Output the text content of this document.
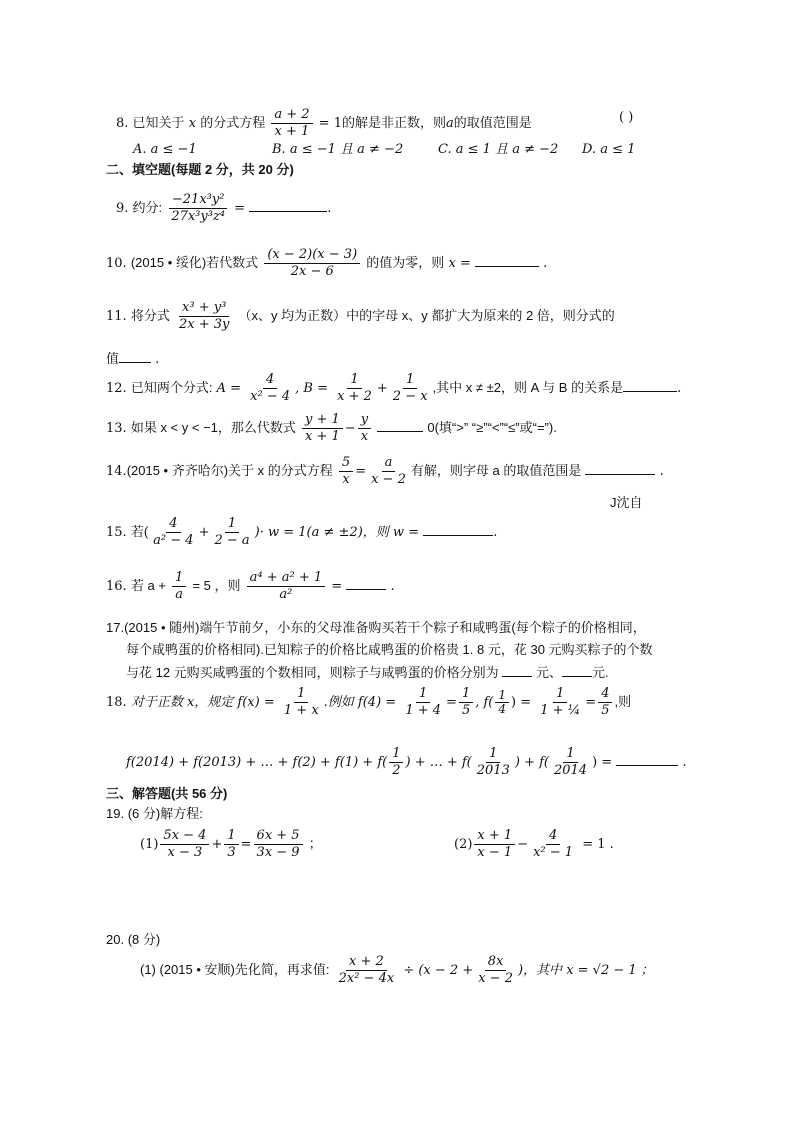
8. 已知关于 x 的分式方程 $\frac{a + 2}{x + 1} = 1$的解是非正数，则a的取值范围是	( )
A. a ≤ −1	B. a ≤ −1 且 a ≠ −2	C. a ≤ 1 且 a ≠ −2 D. a ≤ 1
二、填空题(每题 2 分，共 20 分)
9. 约分: $\frac{\text{−21x³y²}}{\text{27x³y³z⁴}}$ =	.
10. (2015 • 绥化)若代数式 $\frac{(x - 2)(x - 3)}{2x - 6}$ 的值为零，则 x =	.
11. 将分式 $\frac{\text{x³ + y³}}{2x + 3y} (x$、y 均为正数）中的字母 x、y 都扩大为原来的 2 倍，则分式的
值	.
12. 已知两个分式: $A = \frac{4}{\text{x² − 4}}$ , $B = \frac{1}{x + 2} + \frac{1}{2 - x}$ ,其中 x ≠ ±2，则 A 与 B 的关系是	.
13. 如果 x < y < −1，那么代数式 $\frac{y + 1}{x + 1} - \frac{y}{x}$	0(填“>” “≥”“<”“≤”或“=”).
14.(2015 • 齐齐哈尔)关于 x 的分式方程 $\frac{5}{x} = \frac{a}{x - 2}$ 有解，则字母 a 的取值范围是	.
J沈自
15. 若( $\frac{4}{\text{a² − 4}} + \frac{1}{2 - a}$ )· w = 1(a ≠ ±2)，则 w =	.
16. 若 $a + \frac{1}{a} = 5$ ，则 $\frac{\text{a⁴ + a² + 1}}{\text{a²}}$ =	.
17.(2015 • 随州)端午节前夕，小东的父母准备购买若干个粽子和咸鸭蛋(每个粽子的价格相同，
每个咸鸭蛋的价格相同).已知粽子的价格比咸鸭蛋的价格贵 1. 8 元，花 30 元购买粽子的个数
与花 12 元购买咸鸭蛋的个数相同，则粽子与咸鸭蛋的价格分别为	元、 元.
18. 对于正数 x，规定 $f(x) = \frac{1}{1 + x}$ .例如 $f(4) = \frac{1}{1 + 4} = \frac{1}{5}$ , $f( \frac{1}{4}$ ) = $\frac{1}{\text{1 + ¼}} = \frac{4}{5}$ ,则
f(2014) + f(2013) + … + $f(2) + f(1) + f( \frac{1}{2}$ ) + … + $f( \frac{1}{2013}$ ) + $f( \frac{1}{2014}$ ) =	.
三、解答题(共 56 分)
19. (6 分)解方程:
$(1) \frac{5x - 4}{x - 3} + \frac{1}{3} = \frac{6x + 5}{3x - 9}$ ；	$(2) \frac{x + 1}{x - 1} - \frac{4}{\text{x² − 1}} = 1$ .
20. (8 分)
(1) (2015 • 安顺)先化简，再求值: $\frac{x + 2}{\text{2x² − 4x}} \div (x - 2 + \frac{8x}{x - 2}$ )，其中 x = √2 − 1 ；
